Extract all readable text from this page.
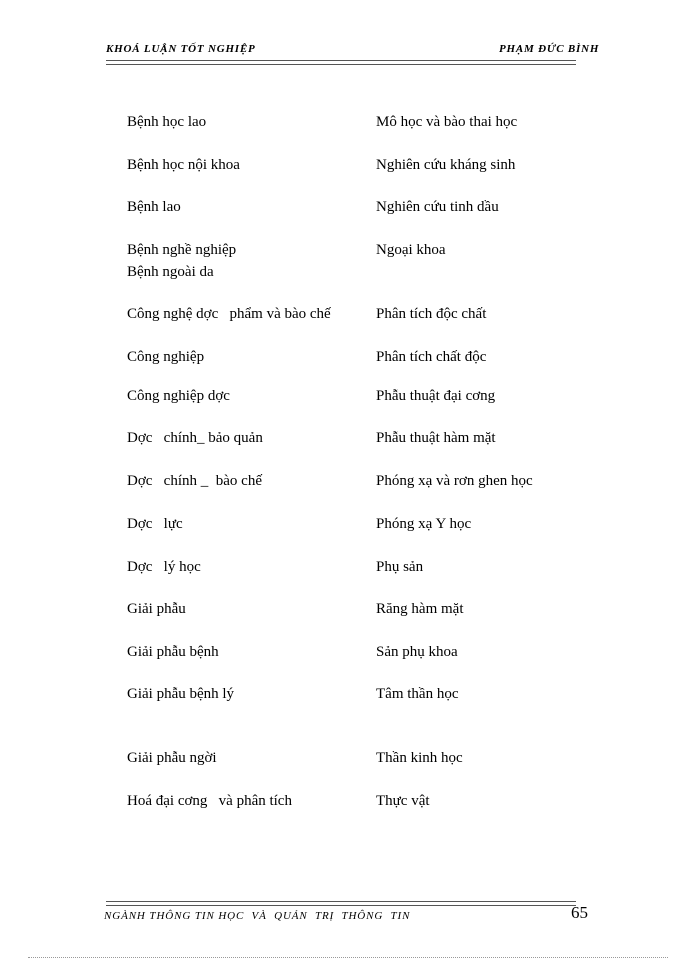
KHOÁ LUẬN TỐT NGHIỆP	PHẠM ĐỨC BÌNH
Bệnh học lao	Mô học và bào thai học
Bệnh học nội khoa	Nghiên cứu kháng sinh
Bệnh lao	Nghiên cứu tinh dầu
Bệnh nghề nghiệp	Ngoại khoa
Bệnh ngoài da
Công nghệ dợc   phẩm và bào chế	Phân tích độc chất
Công nghiệp	Phân tích chất độc
Công nghiệp dợc	Phẫu thuật đại cơng
Dợc   chính_ bảo quản	Phẫu thuật hàm mặt
Dợc   chính _  bào chế	Phóng xạ và rơn ghen học
Dợc   lực	Phóng xạ Y học
Dợc   lý học	Phụ sản
Giải phẫu	Răng hàm mặt
Giải phẫu bệnh	Sản phụ khoa
Giải phẫu bệnh lý	Tâm thần học
Giải phẫu ngời	Thần kinh học
Hoá đại cơng   và phân tích	Thực vật
NGÀNH THÔNG TIN HỌC  VÀ  QUẢN  TRỊ  THÔNG  TIN	65
